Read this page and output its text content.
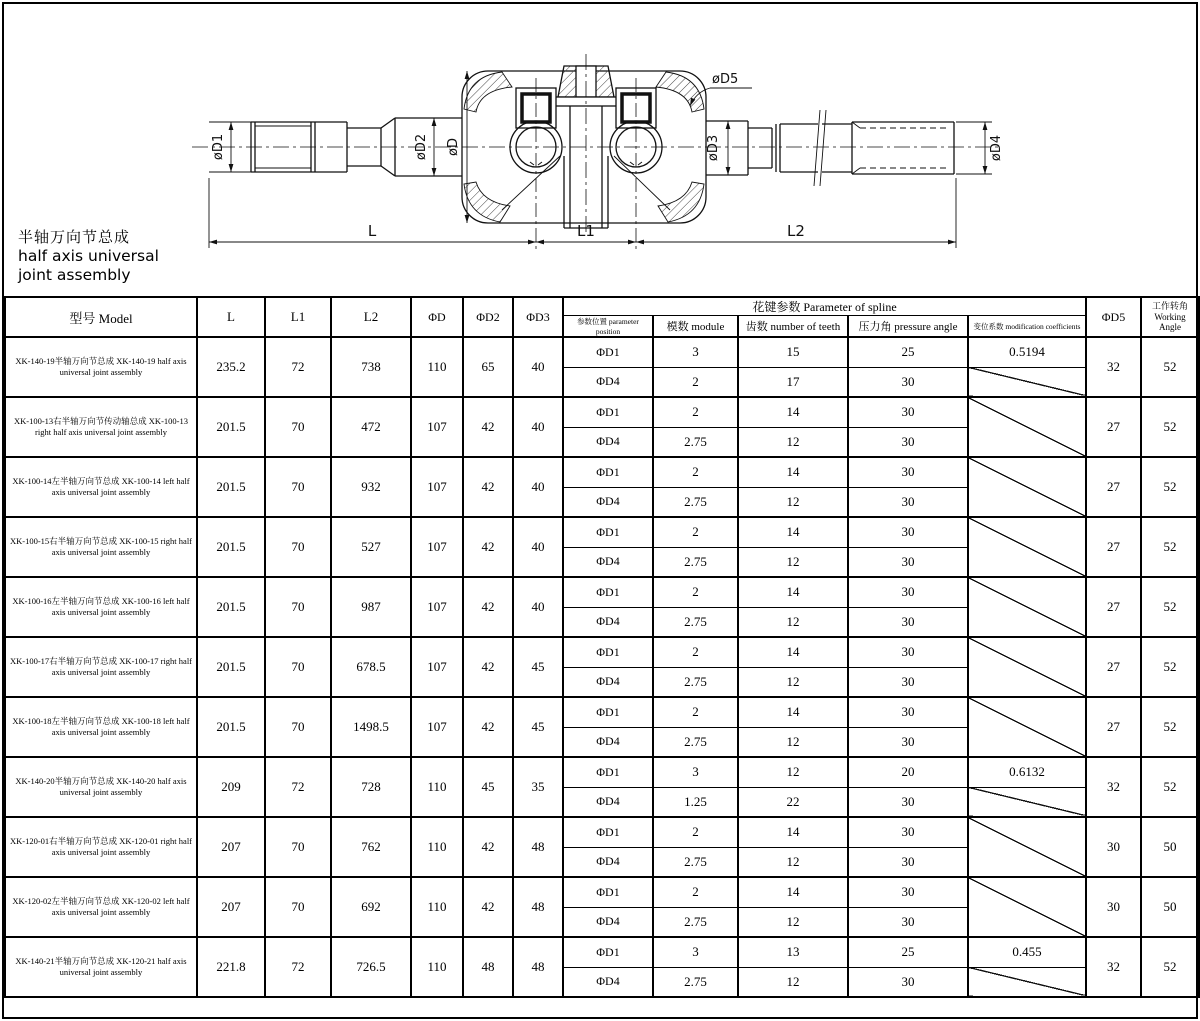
øD1	øD2 øD
øD5
øD3	øD4
L	L1	L2
半轴万向节总成
half axis universal
joint assembly
型号 Model	L	L1	L2	ΦD	ΦD2	ΦD3	花键参数 Parameter of spline					ΦD5	工作转角
Working Angle

							参数位置 parameter position	模数 module	齿数 number of teeth	压力角 pressure angle	变位系数 modification coefficients		
XK-140-19半轴万向节总成 XK-140-19 half axis universal joint assembly	235.2	72	738	110	65	40	ΦD1	3	15	25	0.5194	32	52
							ΦD4	2	17	30			
XK-100-13右半轴万向节传动轴总成 XK-100-13 right half axis universal joint assembly	201.5	70	472	107	42	40	ΦD1	2	14	30		27	52
							ΦD4	2.75	12	30			
XK-100-14左半轴万向节总成 XK-100-14 left half axis universal joint assembly	201.5	70	932	107	42	40	ΦD1	2	14	30		27	52
							ΦD4	2.75	12	30			
XK-100-15右半轴万向节总成 XK-100-15 right half axis universal joint assembly	201.5	70	527	107	42	40	ΦD1	2	14	30		27	52
							ΦD4	2.75	12	30			
XK-100-16左半轴万向节总成 XK-100-16 left half axis universal joint assembly	201.5	70	987	107	42	40	ΦD1	2	14	30		27	52
							ΦD4	2.75	12	30			
XK-100-17右半轴万向节总成 XK-100-17 right half axis universal joint assembly	201.5	70	678.5	107	42	45	ΦD1	2	14	30		27	52
							ΦD4	2.75	12	30			
XK-100-18左半轴万向节总成 XK-100-18 left half axis universal joint assembly	201.5	70	1498.5	107	42	45	ΦD1	2	14	30		27	52
							ΦD4	2.75	12	30			
XK-140-20半轴万向节总成 XK-140-20 half axis universal joint assembly	209	72	728	110	45	35	ΦD1	3	12	20	0.6132	32	52
							ΦD4	1.25	22	30			
XK-120-01右半轴万向节总成 XK-120-01 right half axis universal joint assembly	207	70	762	110	42	48	ΦD1	2	14	30		30	50
							ΦD4	2.75	12	30			
XK-120-02左半轴万向节总成 XK-120-02 left half axis universal joint assembly	207	70	692	110	42	48	ΦD1	2	14	30		30	50
							ΦD4	2.75	12	30			
XK-140-21半轴万向节总成 XK-120-21 half axis universal joint assembly	221.8	72	726.5	110	48	48	ΦD1	3	13	25	0.455	32	52
							ΦD4	2.75	12	30			
